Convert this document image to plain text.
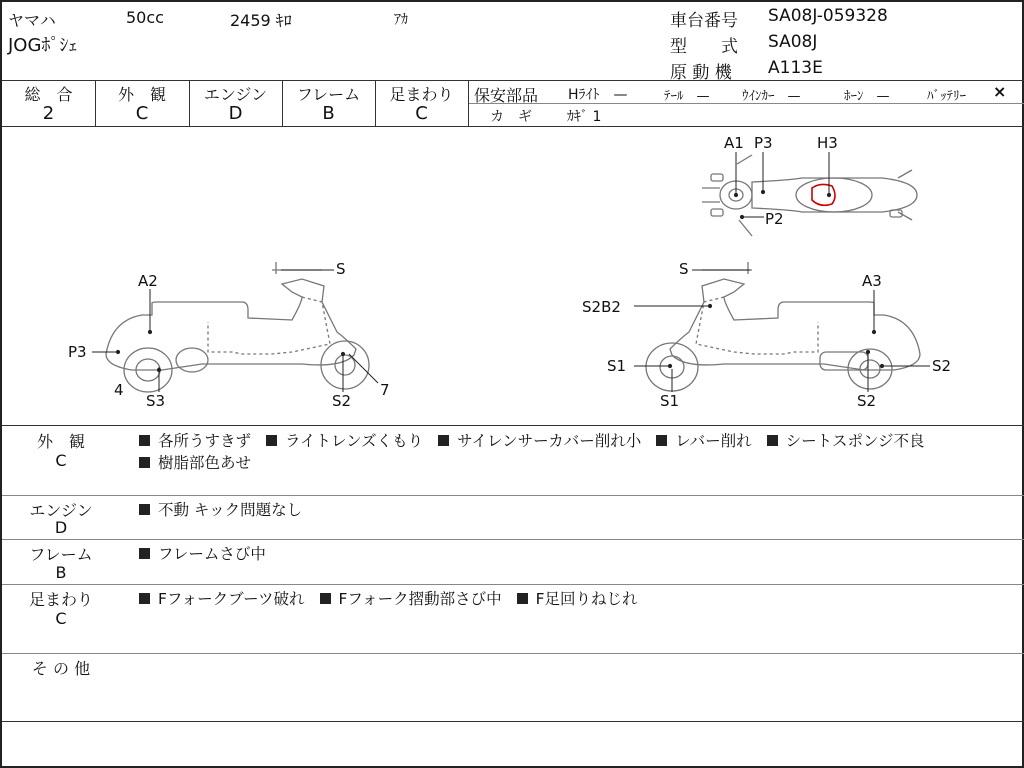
ヤマハ	50cc	2459 ｷﾛ	ｱｶ
JOGﾎﾟｼｪ
車台番号 SA08J-059328
型　　式 SA08J
原 動 機 A113E
総　合
2
外　観
C
エンジン
D
フレーム
B
足まわり
C
保安部品 Hﾗｲﾄ　—	ﾃｰﾙ　— ｳｲﾝｶｰ　—	ﾎｰﾝ　—	ﾊﾞｯﾃﾘｰ ×
カ　ギ	ｶｷﾞ 1
A1 P3	H3
P2
S
A2
P3
4
S3	S2
7
S
A3
S2B2
S1
S1
S2
S2
外　観
C
各所うすきず ライトレンズくもり サイレンサーカバー削れ小 レバー削れ シートスポンジ不良
樹脂部色あせ
エンジン
D
不動 キック問題なし
フレーム
B
フレームさび中
足まわり
C
Fフォークブーツ破れ Fフォーク摺動部さび中 F足回りねじれ
そ の 他
